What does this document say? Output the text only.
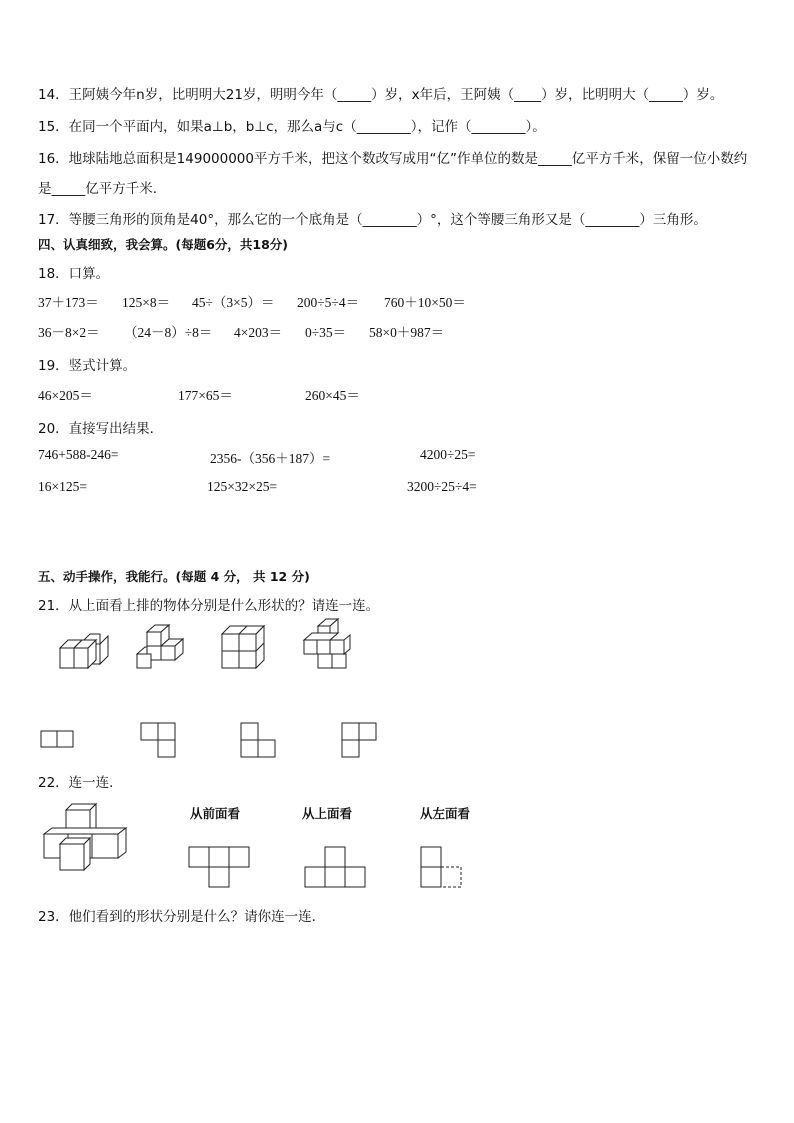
14．王阿姨今年n岁，比明明大21岁，明明今年（_____）岁，x年后，王阿姨（____）岁，比明明大（_____）岁。
15．在同一个平面内，如果a⊥b，b⊥c，那么a与c（________），记作（________）。
16．地球陆地总面积是149000000平方千米，把这个数改写成用“亿”作单位的数是_____亿平方千米，保留一位小数约
是_____亿平方千米．
17．等腰三角形的顶角是40°，那么它的一个底角是（________）°，这个等腰三角形又是（________）三角形。
四、认真细致，我会算。(每题6分，共18分)
18．口算。
37＋173＝ 125×8＝ 45÷（3×5）＝ 200÷5÷4＝ 760＋10×50＝
36－8×2＝ （24－8）÷8＝ 4×203＝ 0÷35＝ 58×0＋987＝
19．竖式计算。
46×205＝	177×65＝	260×45＝
20．直接写出结果．
746+588-246=	2356-（356＋187）=	4200÷25=
16×125=	125×32×25=	3200÷25÷4=
五、动手操作，我能行。(每题 4 分， 共 12 分)
21．从上面看上排的物体分别是什么形状的？请连一连。
22．连一连．
从前面看	从上面看	从左面看
23．他们看到的形状分别是什么？请你连一连．
